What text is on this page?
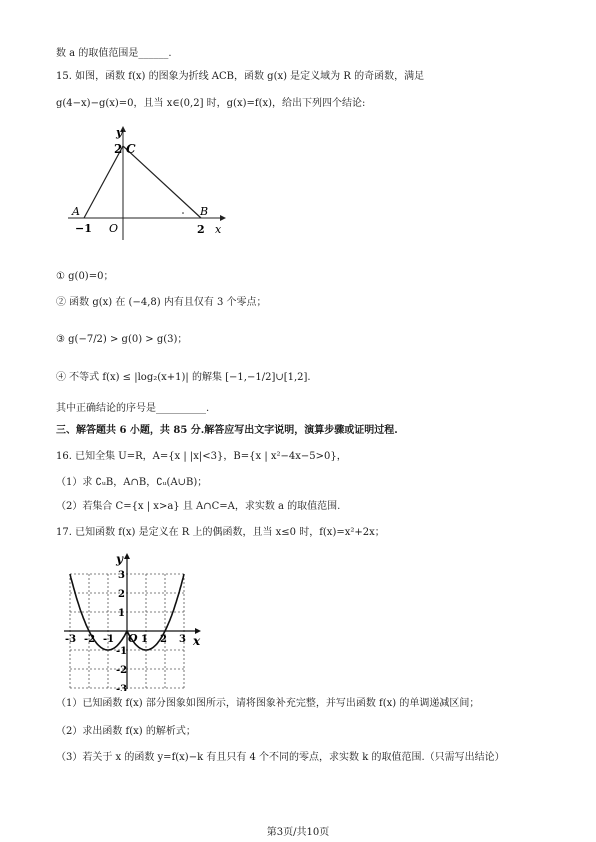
数 a 的取值范围是______.
15. 如图，函数 f(x) 的图象为折线 ACB，函数 g(x) 是定义域为 R 的奇函数，满足
g(4−x)−g(x)=0，且当 x∈(0,2] 时，g(x)=f(x)，给出下列四个结论:
y
x
C
2
A	B
−1 O	2
① g(0)=0；
② 函数 g(x) 在 (−4,8) 内有且仅有 3 个零点；
③ g(−7/2) > g(0) > g(3)；
④ 不等式 f(x) ≤ |log₂(x+1)| 的解集 [−1,−1/2]∪[1,2].
其中正确结论的序号是__________.
三、解答题共 6 小题，共 85 分.解答应写出文字说明，演算步骤或证明过程.
16. 已知全集 U=R，A={x | |x|<3}，B={x | x²−4x−5>0}，
（1）求 ∁ᵤB，A∩B，∁ᵤ(A∪B)；
（2）若集合 C={x | x>a} 且 A∩C=A，求实数 a 的取值范围.
17. 已知函数 f(x) 是定义在 R 上的偶函数，且当 x≤0 时，f(x)=x²+2x；
-3 -2 -1	1 2 3
3
2
1
-1
-2
-3
y
x
O
（1）已知函数 f(x) 部分图象如图所示，请将图象补充完整，并写出函数 f(x) 的单调递减区间；
（2）求出函数 f(x) 的解析式；
（3）若关于 x 的函数 y=f(x)−k 有且只有 4 个不同的零点，求实数 k 的取值范围.（只需写出结论）
第3页/共10页
